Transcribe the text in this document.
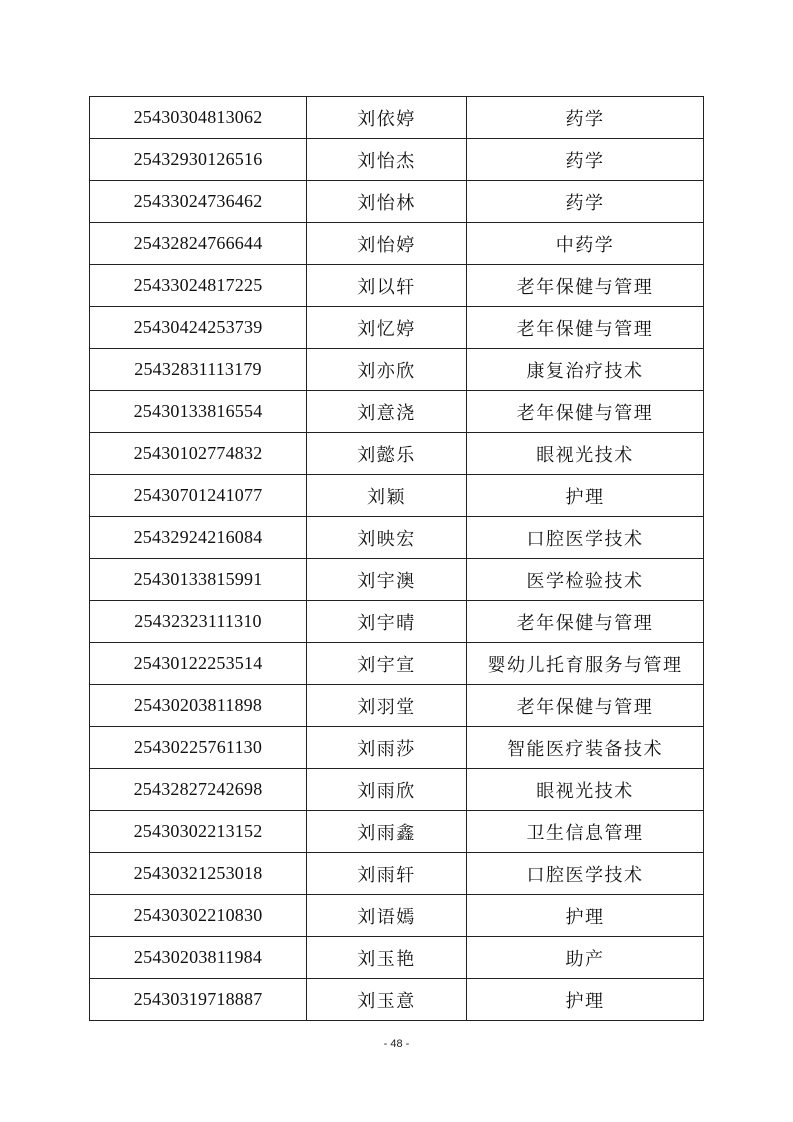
25430304813062	刘依婷	药学
25432930126516	刘怡杰	药学
25433024736462	刘怡林	药学
25432824766644	刘怡婷	中药学
25433024817225	刘以轩	老年保健与管理
25430424253739	刘忆婷	老年保健与管理
25432831113179	刘亦欣	康复治疗技术
25430133816554	刘意浇	老年保健与管理
25430102774832	刘懿乐	眼视光技术
25430701241077	刘颖	护理
25432924216084	刘映宏	口腔医学技术
25430133815991	刘宇澳	医学检验技术
25432323111310	刘宇晴	老年保健与管理
25430122253514	刘宇宣	婴幼儿托育服务与管理
25430203811898	刘羽堂	老年保健与管理
25430225761130	刘雨莎	智能医疗装备技术
25432827242698	刘雨欣	眼视光技术
25430302213152	刘雨鑫	卫生信息管理
25430321253018	刘雨轩	口腔医学技术
25430302210830	刘语嫣	护理
25430203811984	刘玉艳	助产
25430319718887	刘玉意	护理
- 48 -
